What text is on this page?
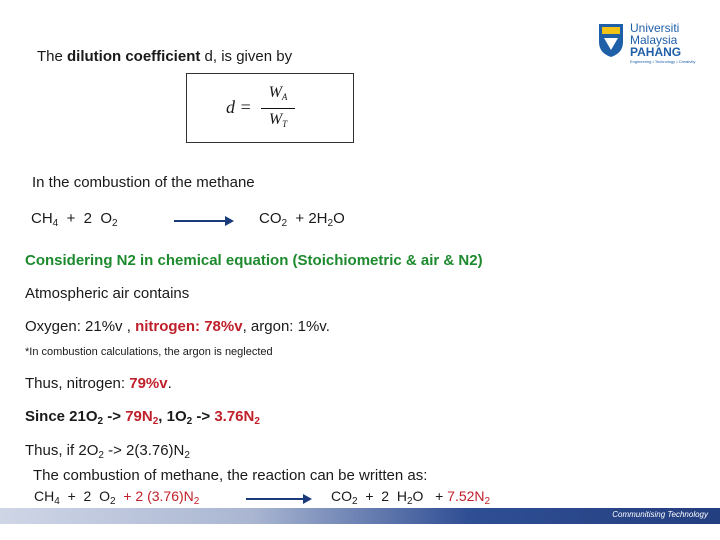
Universiti
Malaysia
PAHANG
Engineering • Technology • Creativity
The dilution coefficient d, is given by
d =
$W_A$
$W_T$
In the combustion of the methane
$CH_4 + 2$  $O_2$	$CO_2 + 2H_2O$
Considering N2 in chemical equation (Stoichiometric & air & N2)
Atmospheric air contains
Oxygen: 21%v , nitrogen: 78%v, argon: 1%v.
*In combustion calculations, the argon is neglected
Thus, nitrogen: 79%v.
Since $21O_2 -> 79N_2$, $1O_2 -> 3.76N_2$
Thus, if $2O_2 -> 2(3.76)N_2$
The combustion of methane, the reaction can be written as:
$CH_4 + 2$  $O_2 + 2$ $(3.76)N_2$	$CO_2 + 2$  $H_2O + 7.52N_2$
Communitising Technology
